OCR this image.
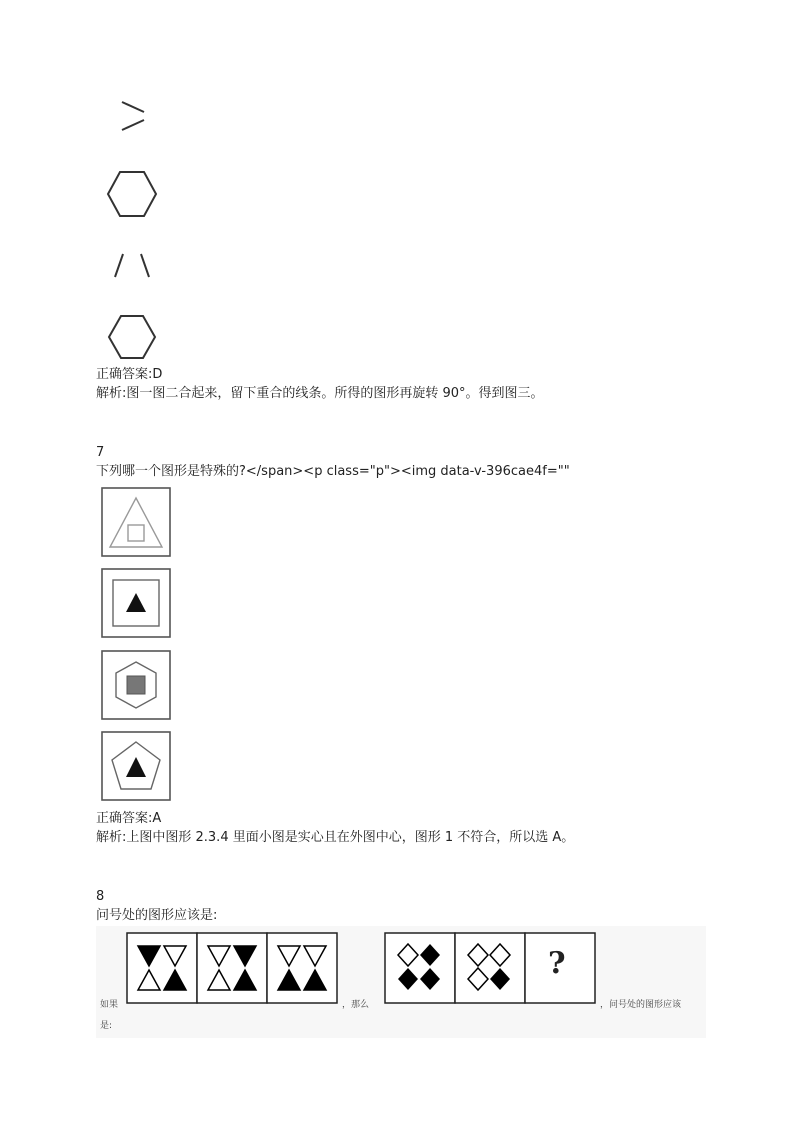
正确答案:D
解析:图一图二合起来，留下重合的线条。所得的图形再旋转 90°。得到图三。
7
下列哪一个图形是特殊的?</span><p class="p"><img data-v-396cae4f=""
正确答案:A
解析:上图中图形 2.3.4 里面小图是实心且在外图中心，图形 1 不符合，所以选 A。
8
问号处的图形应该是:
?
如果	，那么	，问号处的图形应该
是:
